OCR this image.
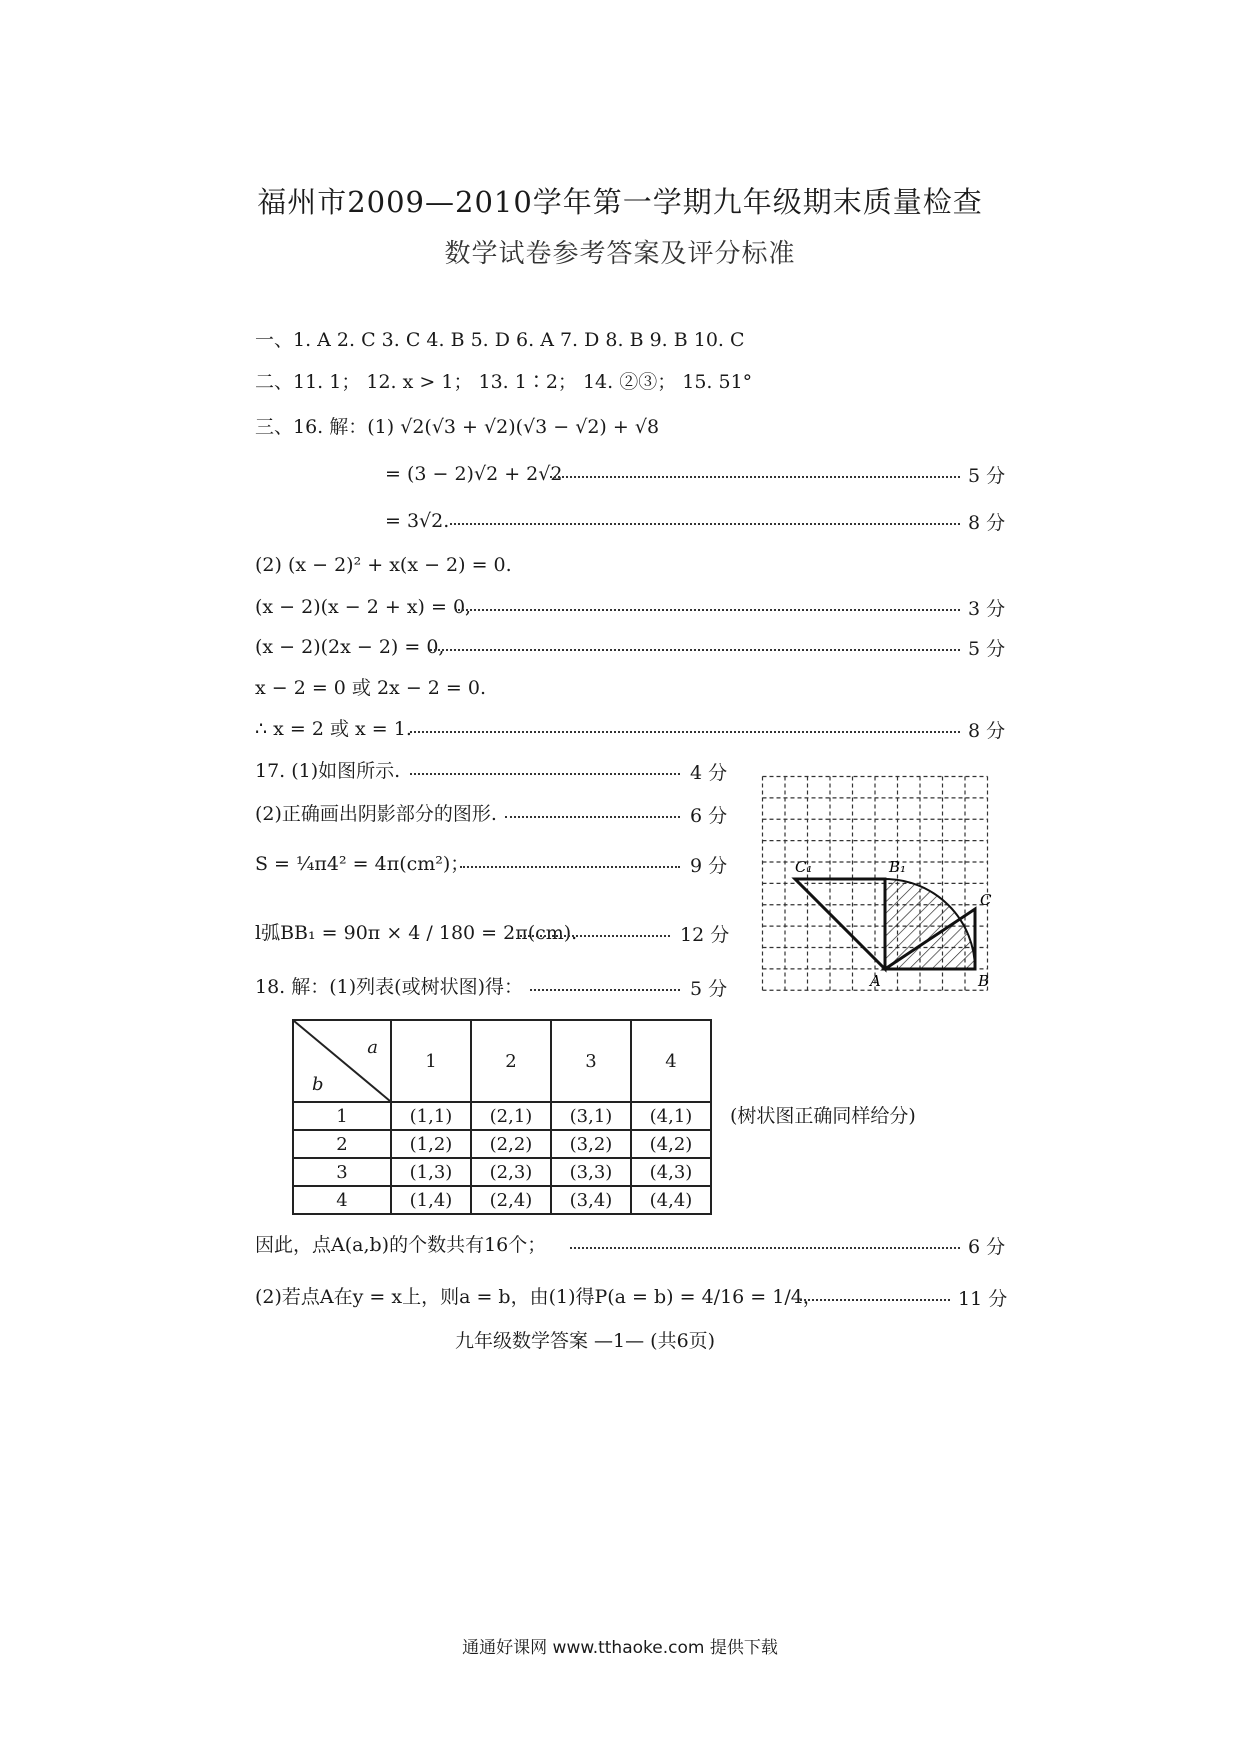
福州市2009—2010学年第一学期九年级期末质量检查
数学试卷参考答案及评分标准
一、1. A 2. C 3. C 4. B 5. D 6. A 7. D 8. B 9. B 10. C
二、11. 1； 12. x > 1； 13. 1∶2； 14. ②③； 15. 51°
三、16. 解：(1) √2(√3 + √2)(√3 − √2) + √8
= (3 − 2)√2 + 2√2	5 分
= 3√2.	8 分
(2) (x − 2)² + x(x − 2) = 0.
(x − 2)(x − 2 + x) = 0,	3 分
(x − 2)(2x − 2) = 0,	5 分
x − 2 = 0 或 2x − 2 = 0.
∴ x = 2 或 x = 1.	8 分
17. (1)如图所示.	4 分
(2)正确画出阴影部分的图形.	6 分
S = ¼π4² = 4π(cm²)；	9 分
l弧BB₁ = 90π × 4 / 180 = 2π(cm).	12 分
18. 解：(1)列表(或树状图)得：	5 分
C₁	B₁
C
A	B
a
b	1	2	3	4
1	(1,1)	(2,1)	(3,1)	(4,1)
2	(1,2)	(2,2)	(3,2)	(4,2)
3	(1,3)	(2,3)	(3,3)	(4,3)
4	(1,4)	(2,4)	(3,4)	(4,4)
(树状图正确同样给分)
因此，点A(a,b)的个数共有16个；	6 分
(2)若点A在y = x上，则a = b，由(1)得P(a = b) = 4/16 = 1/4，	11 分
九年级数学答案 —1— (共6页)
通通好课网 www.tthaoke.com 提供下载
